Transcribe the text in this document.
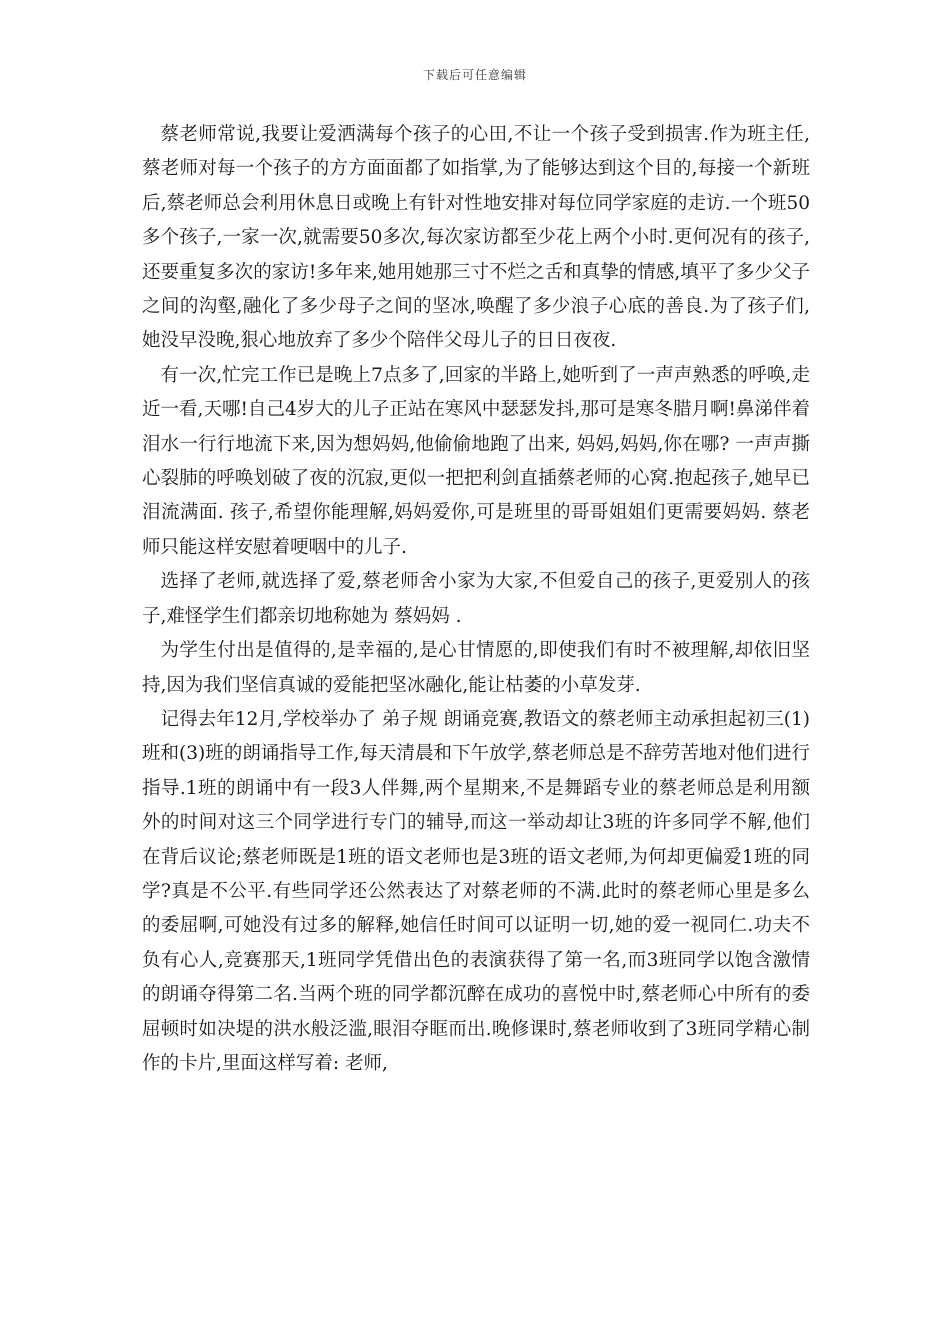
下载后可任意编辑

蔡老师常说,我要让爱洒满每个孩子的心田,不让一个孩子受到损害.作为班主任,蔡老师对每一个孩子的方方面面都了如指掌,为了能够达到这个目的,每接一个新班后,蔡老师总会利用休息日或晚上有针对性地安排对每位同学家庭的走访.一个班50多个孩子,一家一次,就需要50多次,每次家访都至少花上两个小时.更何况有的孩子,还要重复多次的家访!多年来,她用她那三寸不烂之舌和真挚的情感,填平了多少父子之间的沟壑,融化了多少母子之间的坚冰,唤醒了多少浪子心底的善良.为了孩子们,她没早没晚,狠心地放弃了多少个陪伴父母儿子的日日夜夜.

有一次,忙完工作已是晚上7点多了,回家的半路上,她听到了一声声熟悉的呼唤,走近一看,天哪!自己4岁大的儿子正站在寒风中瑟瑟发抖,那可是寒冬腊月啊!鼻涕伴着泪水一行行地流下来,因为想妈妈,他偷偷地跑了出来, 妈妈,妈妈,你在哪? 一声声撕心裂肺的呼唤划破了夜的沉寂,更似一把把利剑直插蔡老师的心窝.抱起孩子,她早已泪流满面. 孩子,希望你能理解,妈妈爱你,可是班里的哥哥姐姐们更需要妈妈. 蔡老师只能这样安慰着哽咽中的儿子.

选择了老师,就选择了爱,蔡老师舍小家为大家,不但爱自己的孩子,更爱别人的孩子,难怪学生们都亲切地称她为 蔡妈妈 .

为学生付出是值得的,是幸福的,是心甘情愿的,即使我们有时不被理解,却依旧坚持,因为我们坚信真诚的爱能把坚冰融化,能让枯萎的小草发芽.

记得去年12月,学校举办了 弟子规 朗诵竞赛,教语文的蔡老师主动承担起初三(1)班和(3)班的朗诵指导工作,每天清晨和下午放学,蔡老师总是不辞劳苦地对他们进行指导.1班的朗诵中有一段3人伴舞,两个星期来,不是舞蹈专业的蔡老师总是利用额外的时间对这三个同学进行专门的辅导,而这一举动却让3班的许多同学不解,他们在背后议论;蔡老师既是1班的语文老师也是3班的语文老师,为何却更偏爱1班的同学?真是不公平.有些同学还公然表达了对蔡老师的不满.此时的蔡老师心里是多么的委屈啊,可她没有过多的解释,她信任时间可以证明一切,她的爱一视同仁.功夫不负有心人,竞赛那天,1班同学凭借出色的表演获得了第一名,而3班同学以饱含激情的朗诵夺得第二名.当两个班的同学都沉醉在成功的喜悦中时,蔡老师心中所有的委屈顿时如决堤的洪水般泛滥,眼泪夺眶而出.晚修课时,蔡老师收到了3班同学精心制作的卡片,里面这样写着: 老师,
